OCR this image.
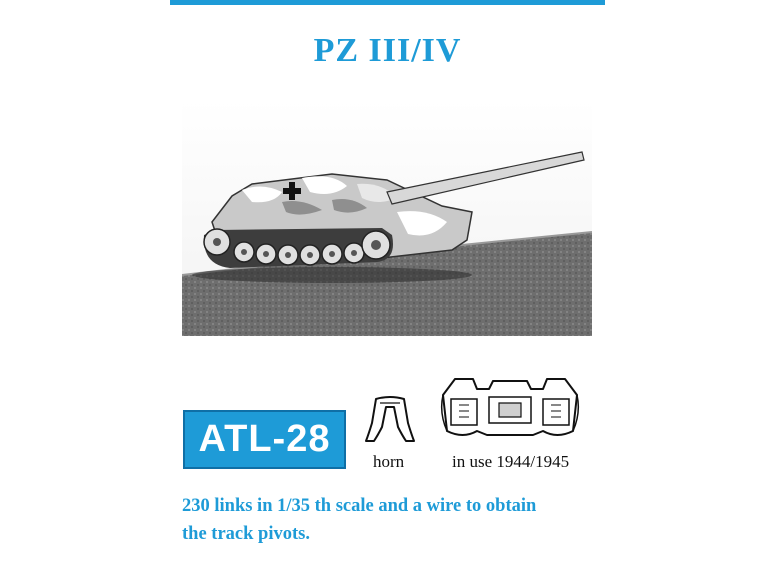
PZ III/IV
ATL-28
horn	in use 1944/1945
230 links in 1/35 th scale and a wire to obtain
the track pivots.
